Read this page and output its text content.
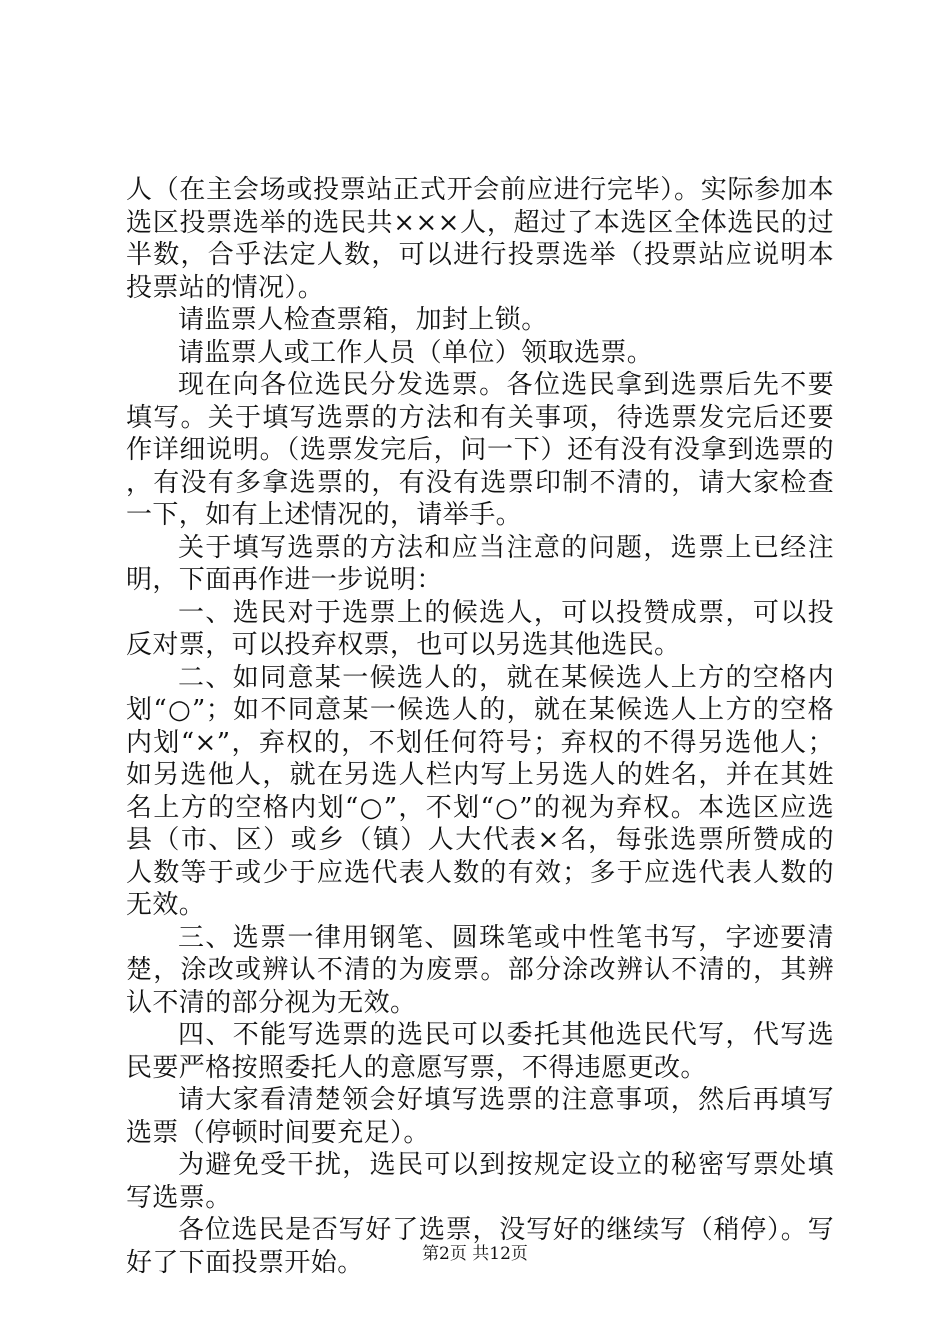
人（在主会场或投票站正式开会前应进行完毕）。实际参加本选区投票选举的选民共×××人，超过了本选区全体选民的过半数，合乎法定人数，可以进行投票选举（投票站应说明本投票站的情况）。

请监票人检查票箱，加封上锁。

请监票人或工作人员（单位）领取选票。

现在向各位选民分发选票。各位选民拿到选票后先不要填写。关于填写选票的方法和有关事项，待选票发完后还要作详细说明。（选票发完后，问一下）还有没有没拿到选票的，有没有多拿选票的，有没有选票印制不清的，请大家检查一下，如有上述情况的，请举手。

关于填写选票的方法和应当注意的问题，选票上已经注明，下面再作进一步说明：

一、选民对于选票上的候选人，可以投赞成票，可以投反对票，可以投弃权票，也可以另选其他选民。

二、如同意某一候选人的，就在某候选人上方的空格内划“○”；如不同意某一候选人的，就在某候选人上方的空格内划“×”，弃权的，不划任何符号；弃权的不得另选他人；如另选他人，就在另选人栏内写上另选人的姓名，并在其姓名上方的空格内划“○”，不划“○”的视为弃权。本选区应选县（市、区）或乡（镇）人大代表×名，每张选票所赞成的人数等于或少于应选代表人数的有效；多于应选代表人数的无效。

三、选票一律用钢笔、圆珠笔或中性笔书写，字迹要清楚，涂改或辨认不清的为废票。部分涂改辨认不清的，其辨认不清的部分视为无效。

四、不能写选票的选民可以委托其他选民代写，代写选民要严格按照委托人的意愿写票，不得违愿更改。

请大家看清楚领会好填写选票的注意事项，然后再填写选票（停顿时间要充足）。

为避免受干扰，选民可以到按规定设立的秘密写票处填写选票。

各位选民是否写好了选票，没写好的继续写（稍停）。写好了下面投票开始。	第2页 共12页
